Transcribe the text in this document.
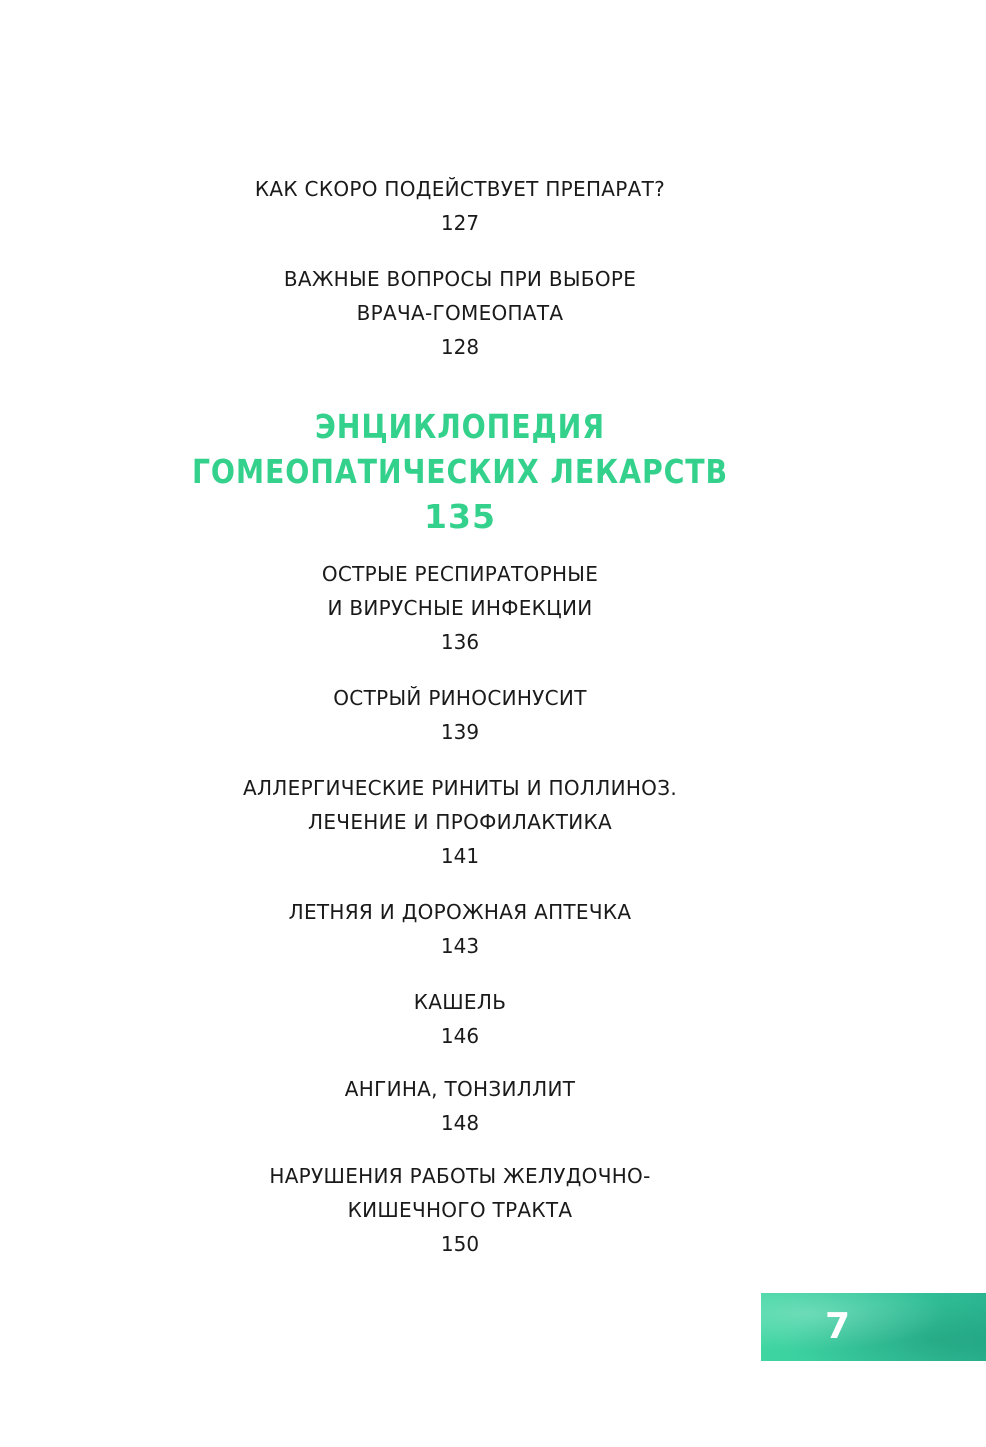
КАК СКОРО ПОДЕЙСТВУЕТ ПРЕПАРАТ?
127
ВАЖНЫЕ ВОПРОСЫ ПРИ ВЫБОРЕ
ВРАЧА-ГОМЕОПАТА
128
ЭНЦИКЛОПЕДИЯ
ГОМЕОПАТИЧЕСКИХ ЛЕКАРСТВ
135
ОСТРЫЕ РЕСПИРАТОРНЫЕ
И ВИРУСНЫЕ ИНФЕКЦИИ
136
ОСТРЫЙ РИНОСИНУСИТ
139
АЛЛЕРГИЧЕСКИЕ РИНИТЫ И ПОЛЛИНОЗ.
ЛЕЧЕНИЕ И ПРОФИЛАКТИКА
141
ЛЕТНЯЯ И ДОРОЖНАЯ АПТЕЧКА
143
КАШЕЛЬ
146
АНГИНА, ТОНЗИЛЛИТ
148
НАРУШЕНИЯ РАБОТЫ ЖЕЛУДОЧНО-
КИШЕЧНОГО ТРАКТА
150
7
